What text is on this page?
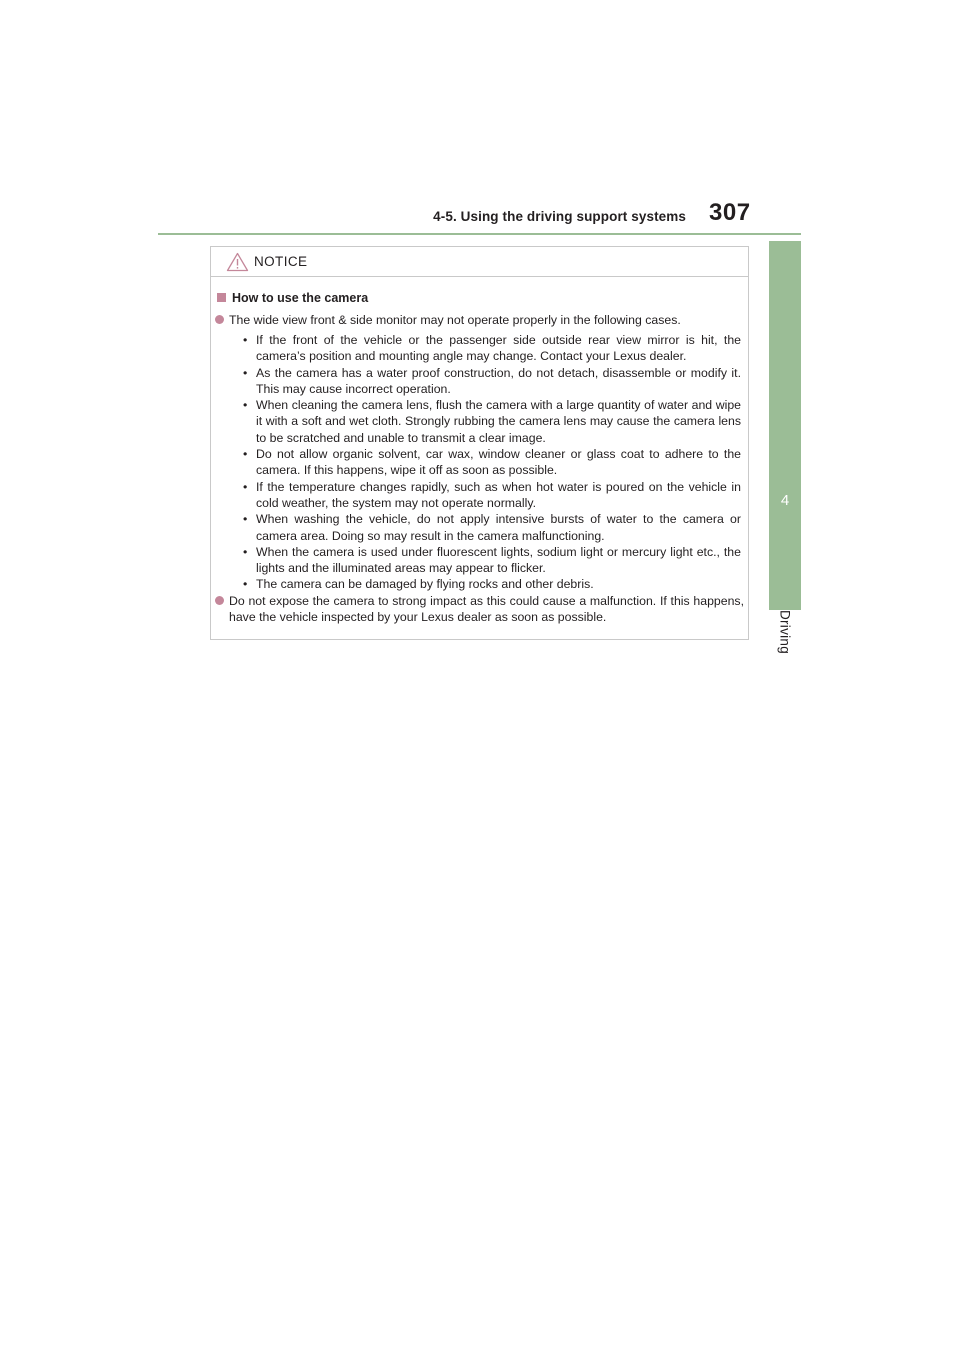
4-5. Using the driving support systems 307
4
Driving
NOTICE
How to use the camera
The wide view front & side monitor may not operate properly in the following cases.
• If the front of the vehicle or the passenger side outside rear view mirror is hit, the camera’s position and mounting angle may change. Contact your Lexus dealer.
• As the camera has a water proof construction, do not detach, disassemble or modify it. This may cause incorrect operation.
• When cleaning the camera lens, flush the camera with a large quantity of water and wipe it with a soft and wet cloth. Strongly rubbing the camera lens may cause the camera lens to be scratched and unable to transmit a clear image.
• Do not allow organic solvent, car wax, window cleaner or glass coat to adhere to the camera. If this happens, wipe it off as soon as possible.
• If the temperature changes rapidly, such as when hot water is poured on the vehicle in cold weather, the system may not operate normally.
• When washing the vehicle, do not apply intensive bursts of water to the camera or camera area. Doing so may result in the camera malfunctioning.
• When the camera is used under fluorescent lights, sodium light or mercury light etc., the lights and the illuminated areas may appear to flicker.
• The camera can be damaged by flying rocks and other debris.
Do not expose the camera to strong impact as this could cause a malfunction. If this happens, have the vehicle inspected by your Lexus dealer as soon as possible.
